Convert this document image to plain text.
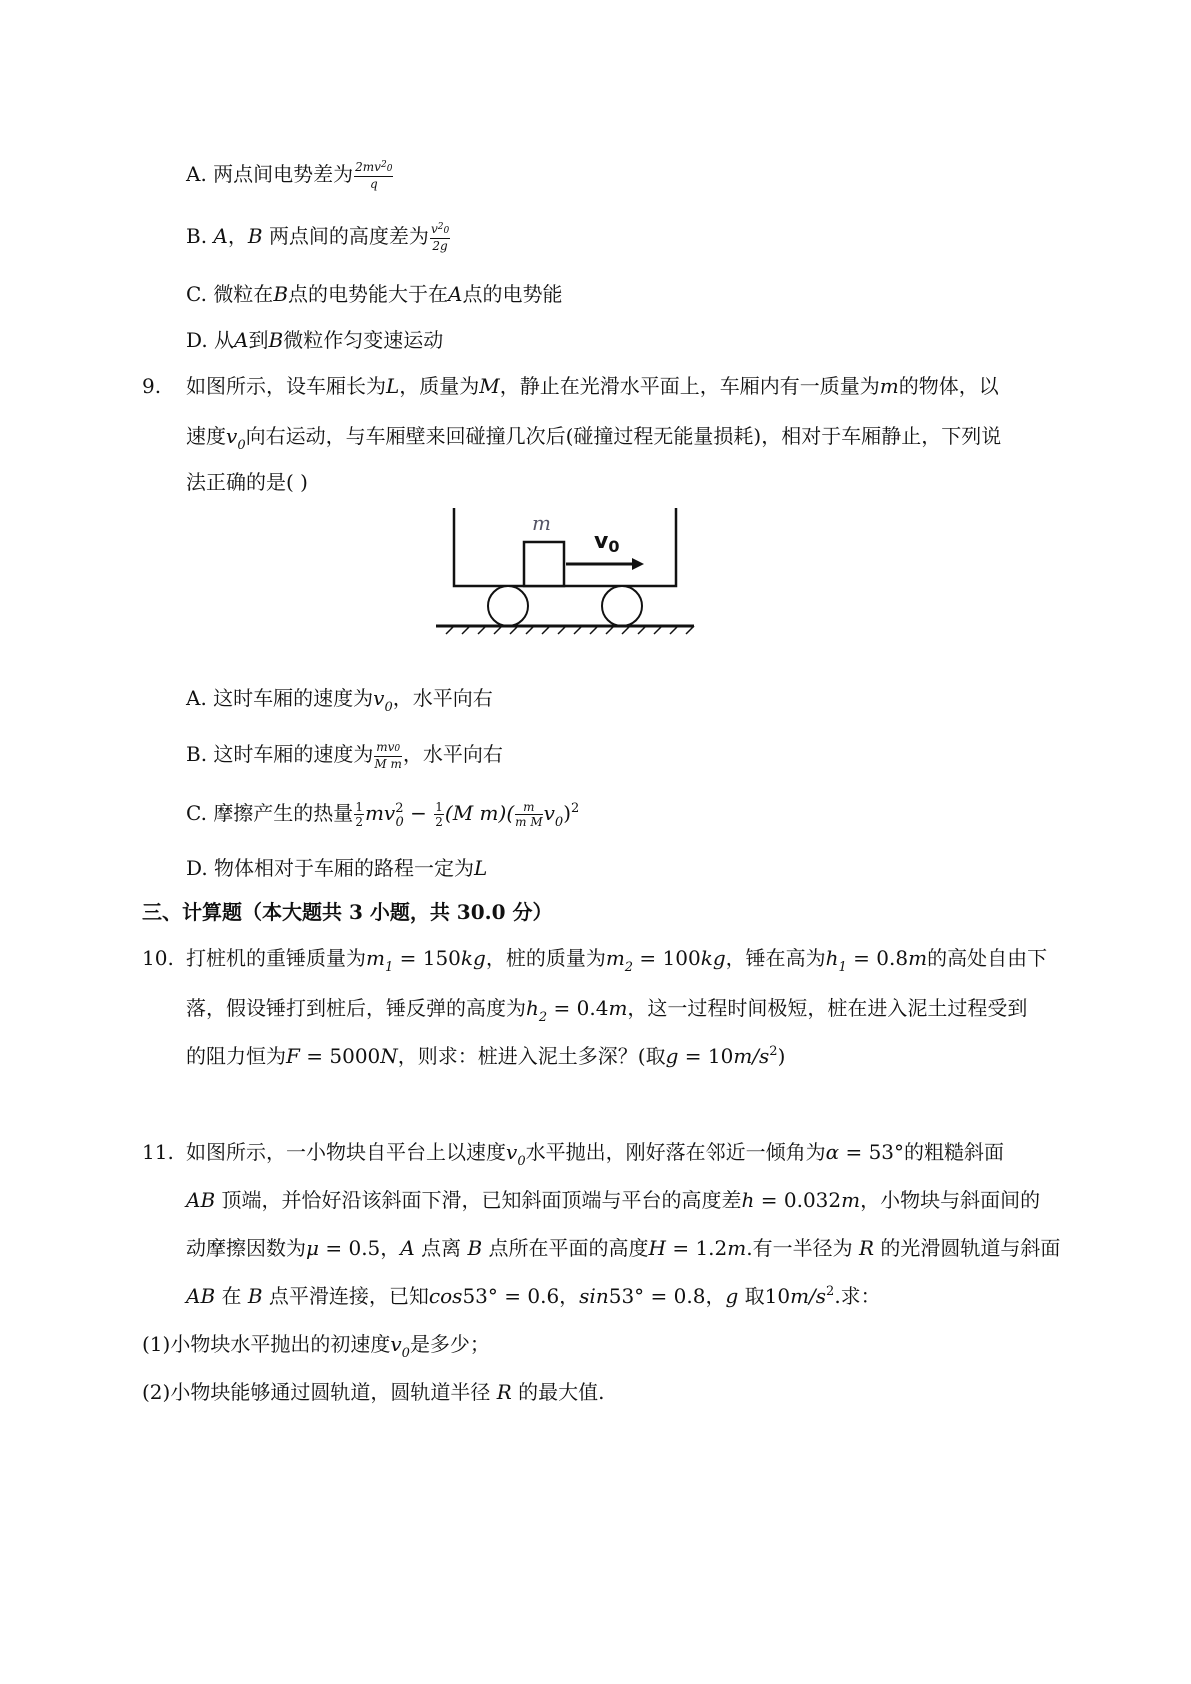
A. 两点间电势差为 $\frac{2mv^20}{q}$
B. A，B 两点间的高度差为 $\frac{v^20}{2g}$
C. 微粒在B点的电势能大于在A点的电势能
D. 从A到B微粒作匀变速运动
9. 如图所示，设车厢长为L，质量为M，静止在光滑水平面上，车厢内有一质量为m的物体，以
速度$v_0$向右运动，与车厢壁来回碰撞几次后(碰撞过程无能量损耗)，相对于车厢静止，下列说
法正确的是( )
m
v0
A. 这时车厢的速度为$v_0$，水平向右
B. 这时车厢的速度为 $\frac{mv0}{\text{M m}}$ ，水平向右
C. 摩擦产生的热量 $\frac{1}{2} mv^2_0 - \frac{1}{2} (M$ $m)( \frac{m}{\text{m M}} v_0)^2$
D. 物体相对于车厢的路程一定为L
三、计算题（本大题共 3 小题，共 30.0 分）
10. 打桩机的重锤质量为$m_1 = 150kg$，桩的质量为$m_2 = 100kg$，锤在高为$h_1 = 0.8m$的高处自由下
落，假设锤打到桩后，锤反弹的高度为$h_2 = 0.4m$，这一过程时间极短，桩在进入泥土过程受到
的阻力恒为F = 5000N，则求：桩进入泥土多深？(取$g = 10m/s^2$)
11. 如图所示，一小物块自平台上以速度$v_0$水平抛出，刚好落在邻近一倾角为α = 53°的粗糙斜面
AB 顶端，并恰好沿该斜面下滑，已知斜面顶端与平台的高度差h = 0.032m，小物块与斜面间的
动摩擦因数为μ = 0.5，A 点离 B 点所在平面的高度H = 1.2m.有一半径为 R 的光滑圆轨道与斜面
AB 在 B 点平滑连接，已知cos53° = 0.6，sin53° = 0.8，g 取$10m/s^2$.求：
(1)小物块水平抛出的初速度$v_0$是多少；
(2)小物块能够通过圆轨道，圆轨道半径 R 的最大值.
